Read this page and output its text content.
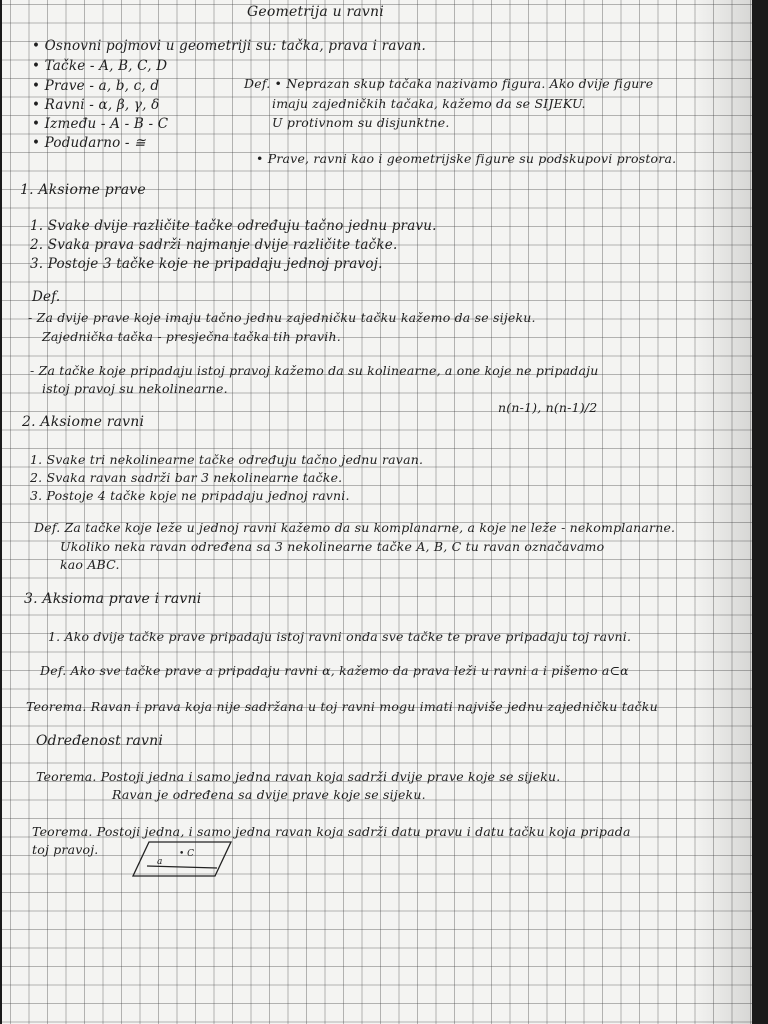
Geometrija u ravni
• Osnovni pojmovi u geometriji su: tačka, prava i ravan.
• Tačke - A, B, C, D
• Prave - a, b, c, d
• Ravni - α, β, γ, δ
• Između - A - B - C
• Podudarno - ≅
Def. • Neprazan skup tačaka nazivamo figura. Ako dvije figure
imaju zajedničkih tačaka, kažemo da se SIJEKU.
U protivnom su disjunktne.
• Prave, ravni kao i geometrijske figure su podskupovi prostora.
1. Aksiome prave
1. Svake dvije različite tačke određuju tačno jednu pravu.
2. Svaka prava sadrži najmanje dvije različite tačke.
3. Postoje 3 tačke koje ne pripadaju jednoj pravoj.
Def.
- Za dvije prave koje imaju tačno jednu zajedničku tačku kažemo da se sijeku.
Zajednička tačka - presječna tačka tih pravih.
- Za tačke koje pripadaju istoj pravoj kažemo da su kolinearne, a one koje ne pripadaju
istoj pravoj su nekolinearne.
n(n-1), n(n-1)/2
2. Aksiome ravni
1. Svake tri nekolinearne tačke određuju tačno jednu ravan.
2. Svaka ravan sadrži bar 3 nekolinearne tačke.
3. Postoje 4 tačke koje ne pripadaju jednoj ravni.
Def. Za tačke koje leže u jednoj ravni kažemo da su komplanarne, a koje ne leže - nekomplanarne.
Ukoliko neka ravan određena sa 3 nekolinearne tačke A, B, C tu ravan označavamo
kao ABC.
3. Aksioma prave i ravni
1. Ako dvije tačke prave pripadaju istoj ravni onda sve tačke te prave pripadaju toj ravni.
Def. Ako sve tačke prave a pripadaju ravni α, kažemo da prava leži u ravni a i pišemo a⊂α
Teorema. Ravan i prava koja nije sadržana u toj ravni mogu imati najviše jednu zajedničku tačku
Određenost ravni
Teorema. Postoji jedna i samo jedna ravan koja sadrži dvije prave koje se sijeku.
Ravan je određena sa dvije prave koje se sijeku.
Teorema. Postoji jedna, i samo jedna ravan koja sadrži datu pravu i datu tačku koja pripada
toj pravoj.	• C
a
